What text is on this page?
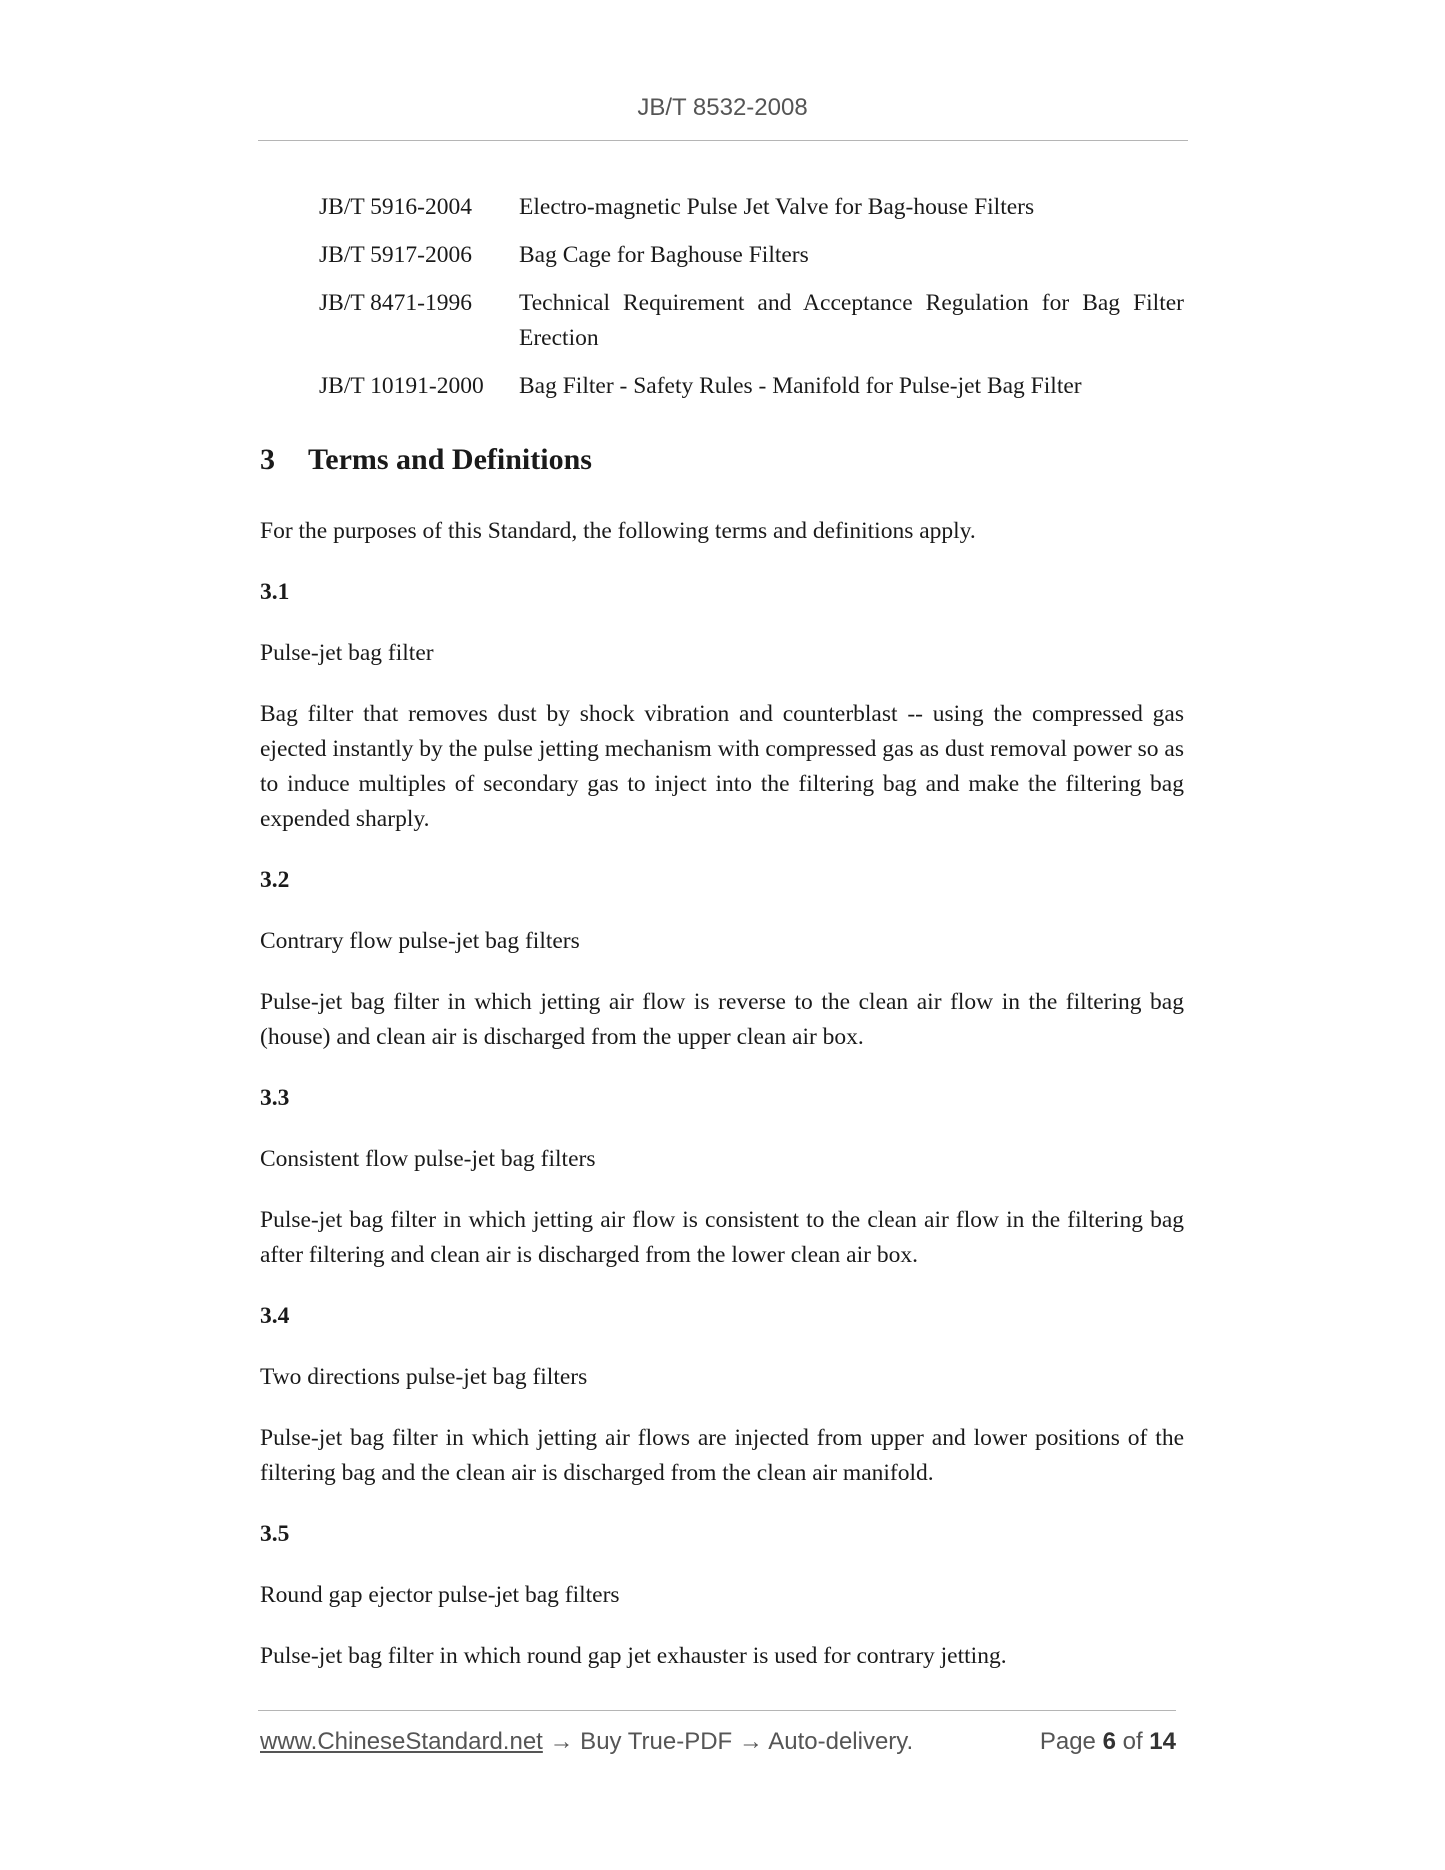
JB/T 8532-2008
JB/T 5916-2004	Electro-magnetic Pulse Jet Valve for Bag-house Filters
JB/T 5917-2006	Bag Cage for Baghouse Filters
JB/T 8471-1996	Technical Requirement and Acceptance Regulation for Bag Filter Erection
JB/T 10191-2000	Bag Filter - Safety Rules - Manifold for Pulse-jet Bag Filter
3	Terms and Definitions

For the purposes of this Standard, the following terms and definitions apply.

3.1
Pulse-jet bag filter

Bag filter that removes dust by shock vibration and counterblast -- using the compressed gas ejected instantly by the pulse jetting mechanism with compressed gas as dust removal power so as to induce multiples of secondary gas to inject into the filtering bag and make the filtering bag expended sharply.

3.2
Contrary flow pulse-jet bag filters

Pulse-jet bag filter in which jetting air flow is reverse to the clean air flow in the filtering bag (house) and clean air is discharged from the upper clean air box.

3.3
Consistent flow pulse-jet bag filters

Pulse-jet bag filter in which jetting air flow is consistent to the clean air flow in the filtering bag after filtering and clean air is discharged from the lower clean air box.

3.4
Two directions pulse-jet bag filters

Pulse-jet bag filter in which jetting air flows are injected from upper and lower positions of the filtering bag and the clean air is discharged from the clean air manifold.

3.5
Round gap ejector pulse-jet bag filters

Pulse-jet bag filter in which round gap jet exhauster is used for contrary jetting.

www.ChineseStandard.net → Buy True-PDF → Auto-delivery.	Page 6 of 14
